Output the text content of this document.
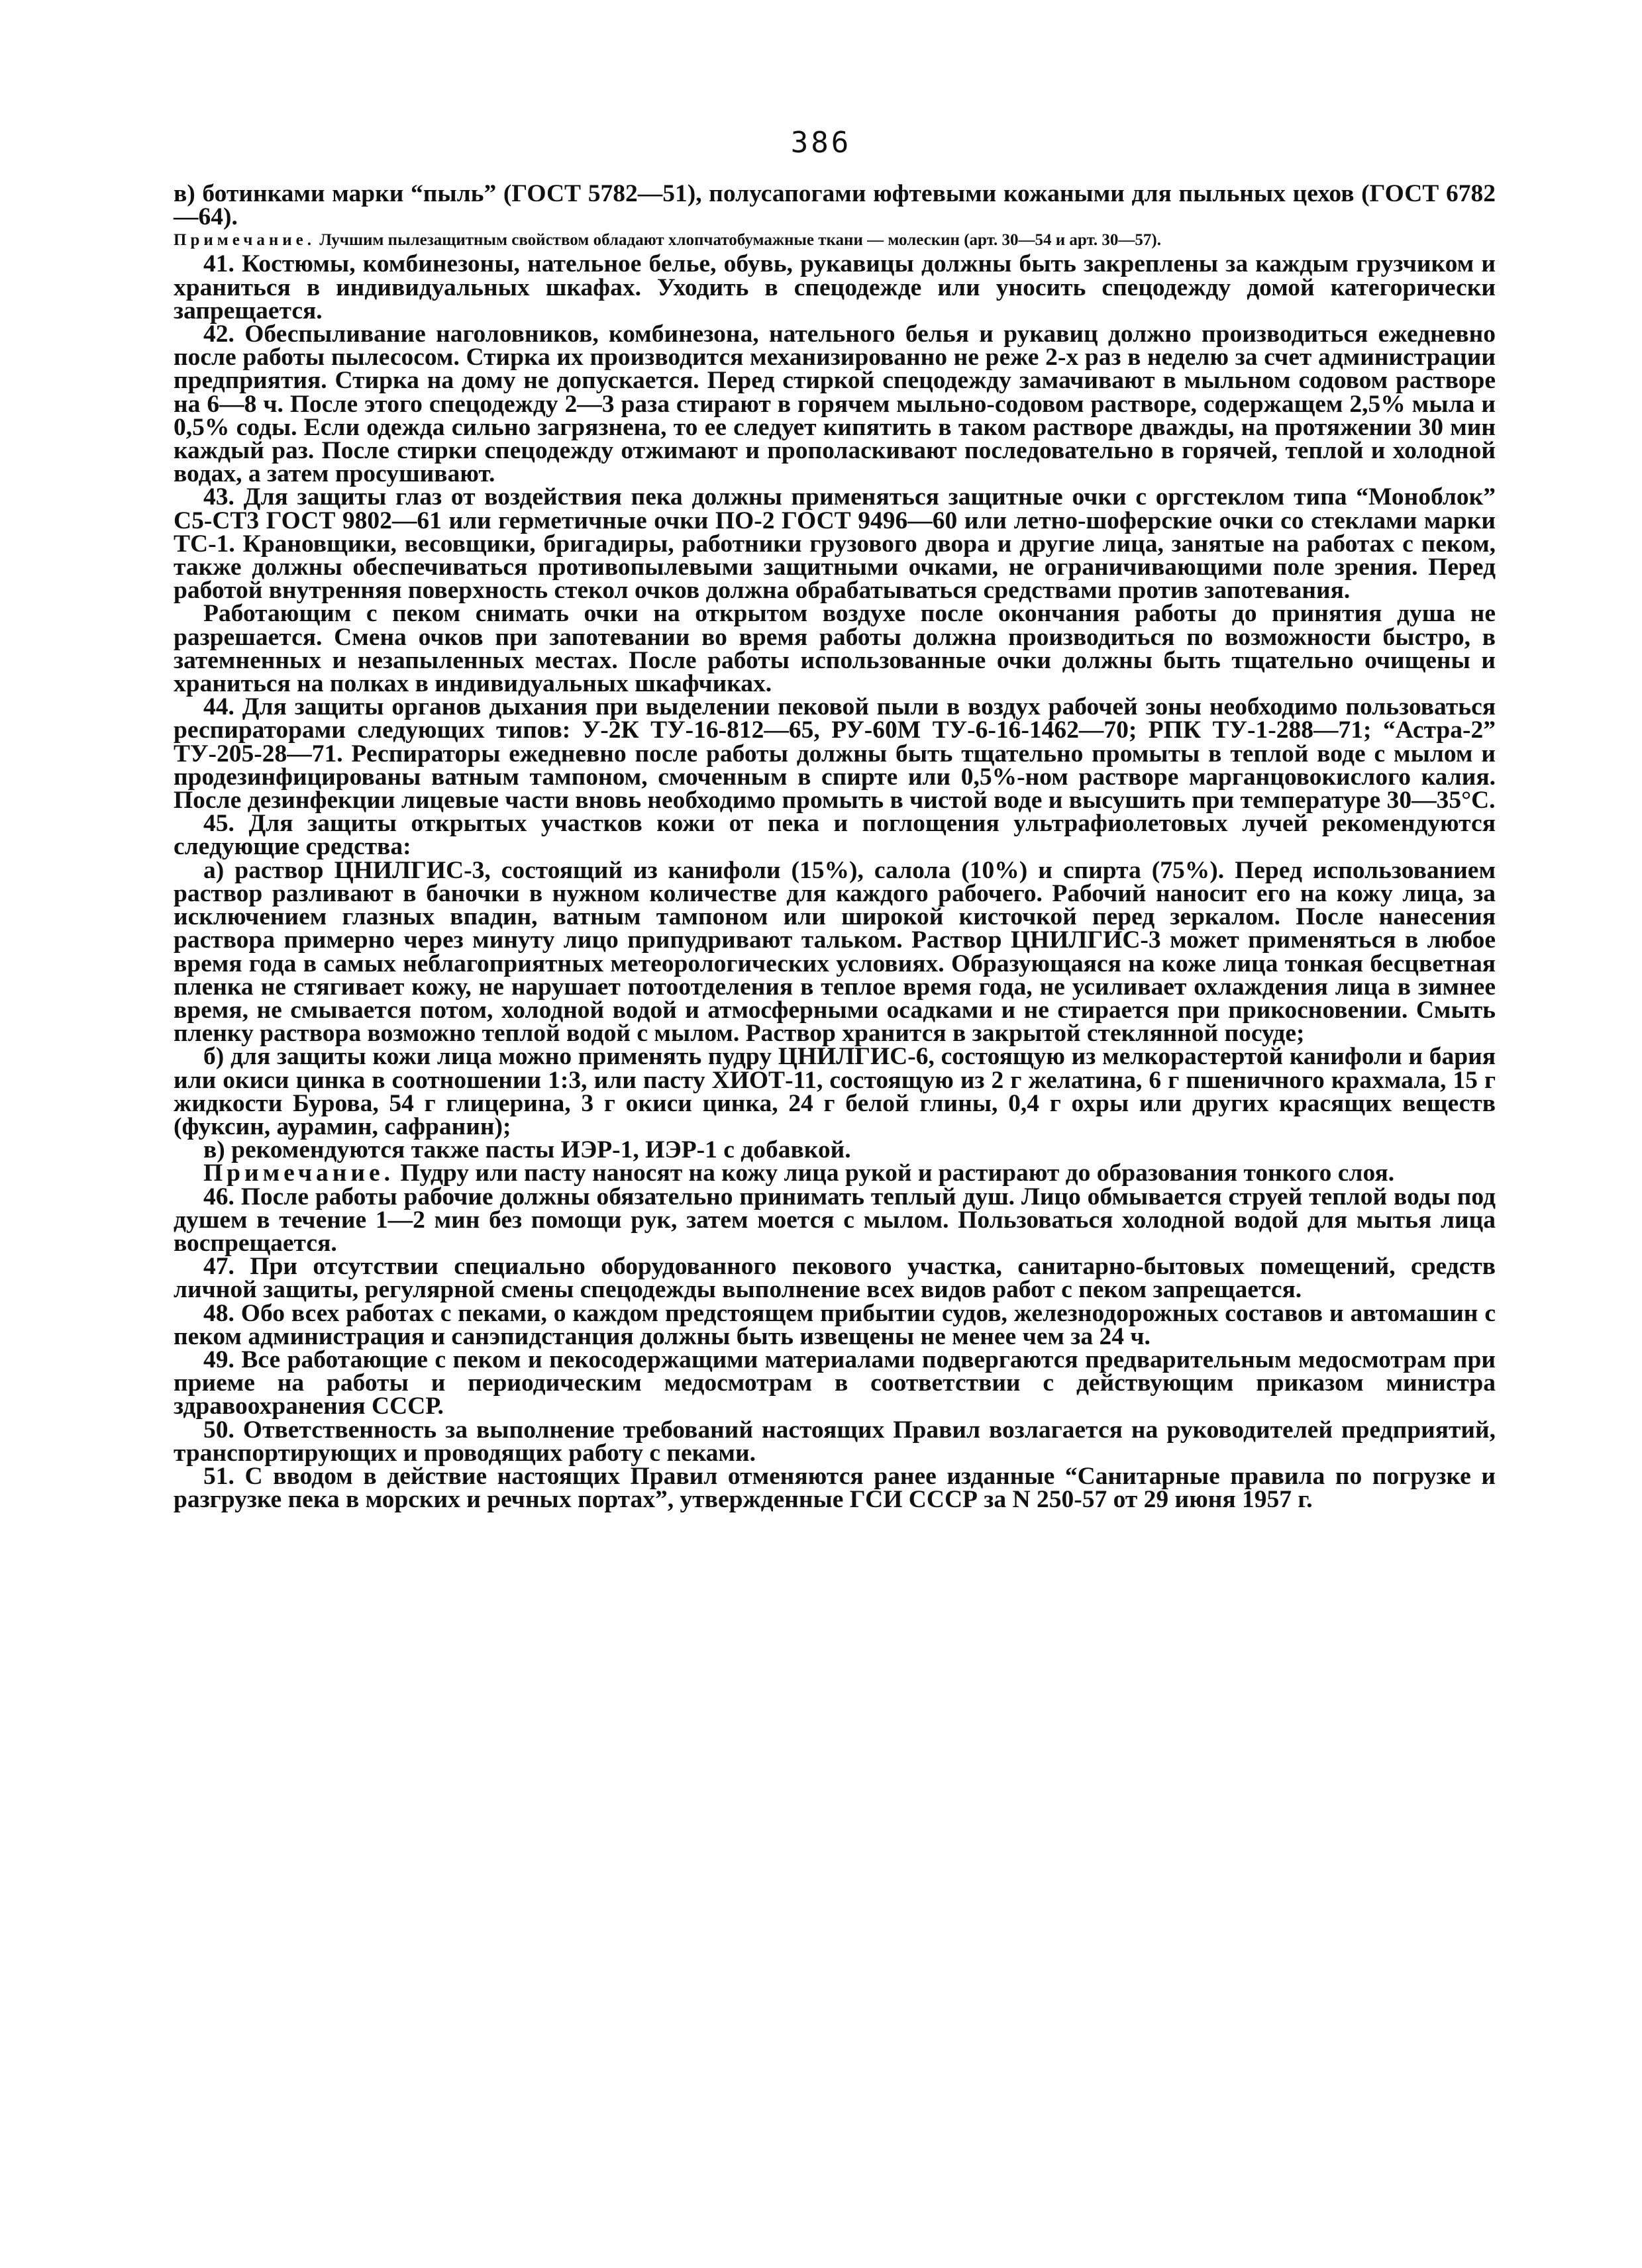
386

в) ботинками марки “пыль” (ГОСТ 5782—51), полусапогами юфтевыми кожаными для пыльных цехов (ГОСТ 6782—64).

Примечание. Лучшим пылезащитным свойством обладают хлопчатобумажные ткани — молескин (арт. 30—54 и арт. 30—57).

41. Костюмы, комбинезоны, нательное белье, обувь, рукавицы должны быть закреплены за каждым грузчиком и храниться в индивидуальных шкафах. Уходить в спецодежде или уносить спецодежду домой категорически запрещается.

42. Обеспыливание наголовников, комбинезона, нательного белья и рукавиц должно производиться ежедневно после работы пылесосом. Стирка их производится механизированно не реже 2-х раз в неделю за счет администрации предприятия. Стирка на дому не допускается. Перед стиркой спецодежду замачивают в мыльном содовом растворе на 6—8 ч. После этого спецодежду 2—3 раза стирают в горячем мыльно-содовом растворе, содержащем 2,5% мыла и 0,5% соды. Если одежда сильно загрязнена, то ее следует кипятить в таком растворе дважды, на протяжении 30 мин каждый раз. После стирки спецодежду отжимают и прополаскивают последовательно в горячей, теплой и холодной водах, а затем просушивают.

43. Для защиты глаз от воздействия пека должны применяться защитные очки с оргстеклом типа “Моноблок” С5-СТ3 ГОСТ 9802—61 или герметичные очки ПО-2 ГОСТ 9496—60 или летно-шоферские очки со стеклами марки ТС-1. Крановщики, весовщики, бригадиры, работники грузового двора и другие лица, занятые на работах с пеком, также должны обеспечиваться противопылевыми защитными очками, не ограничивающими поле зрения. Перед работой внутренняя поверхность стекол очков должна обрабатываться средствами против запотевания.

Работающим с пеком снимать очки на открытом воздухе после окончания работы до принятия душа не разрешается. Смена очков при запотевании во время работы должна производиться по возможности быстро, в затемненных и незапыленных местах. После работы использованные очки должны быть тщательно очищены и храниться на полках в индивидуальных шкафчиках.

44. Для защиты органов дыхания при выделении пековой пыли в воздух рабочей зоны необходимо пользоваться респираторами следующих типов: У-2К ТУ-16-812—65, РУ-60М ТУ-6-16-1462—70; РПК ТУ-1-288—71; “Астра-2” ТУ-205-28—71. Респираторы ежедневно после работы должны быть тщательно промыты в теплой воде с мылом и продезинфицированы ватным тампоном, смоченным в спирте или 0,5%-ном растворе марганцовокислого калия. После дезинфекции лицевые части вновь необходимо промыть в чистой воде и высушить при температуре 30—35°С.

45. Для защиты открытых участков кожи от пека и поглощения ультрафиолетовых лучей рекомендуются следующие средства:

а) раствор ЦНИЛГИС-3, состоящий из канифоли (15%), салола (10%) и спирта (75%). Перед использованием раствор разливают в баночки в нужном количестве для каждого рабочего. Рабочий наносит его на кожу лица, за исключением глазных впадин, ватным тампоном или широкой кисточкой перед зеркалом. После нанесения раствора примерно через минуту лицо припудривают тальком. Раствор ЦНИЛГИС-3 может применяться в любое время года в самых неблагоприятных метеорологических условиях. Образующаяся на коже лица тонкая бесцветная пленка не стягивает кожу, не нарушает потоотделения в теплое время года, не усиливает охлаждения лица в зимнее время, не смывается потом, холодной водой и атмосферными осадками и не стирается при прикосновении. Смыть пленку раствора возможно теплой водой с мылом. Раствор хранится в закрытой стеклянной посуде;

б) для защиты кожи лица можно применять пудру ЦНИЛГИС-6, состоящую из мелкорастертой канифоли и бария или окиси цинка в соотношении 1:3, или пасту ХИОТ-11, состоящую из 2 г желатина, 6 г пшеничного крахмала, 15 г жидкости Бурова, 54 г глицерина, 3 г окиси цинка, 24 г белой глины, 0,4 г охры или других красящих веществ (фуксин, аурамин, сафранин);

в) рекомендуются также пасты ИЭР-1, ИЭР-1 с добавкой.

Примечание. Пудру или пасту наносят на кожу лица рукой и растирают до образования тонкого слоя.

46. После работы рабочие должны обязательно принимать теплый душ. Лицо обмывается струей теплой воды под душем в течение 1—2 мин без помощи рук, затем моется с мылом. Пользоваться холодной водой для мытья лица воспрещается.

47. При отсутствии специально оборудованного пекового участка, санитарно-бытовых помещений, средств личной защиты, регулярной смены спецодежды выполнение всех видов работ с пеком запрещается.

48. Обо всех работах с пеками, о каждом предстоящем прибытии судов, железнодорожных составов и автомашин с пеком администрация и санэпидстанция должны быть извещены не менее чем за 24 ч.

49. Все работающие с пеком и пекосодержащими материалами подвергаются предварительным медосмотрам при приеме на работы и периодическим медосмотрам в соответствии с действующим приказом министра здравоохранения СССР.

50. Ответственность за выполнение требований настоящих Правил возлагается на руководителей предприятий, транспортирующих и проводящих работу с пеками.

51. С вводом в действие настоящих Правил отменяются ранее изданные “Санитарные правила по погрузке и разгрузке пека в морских и речных портах”, утвержденные ГСИ СССР за N 250-57 от 29 июня 1957 г.
